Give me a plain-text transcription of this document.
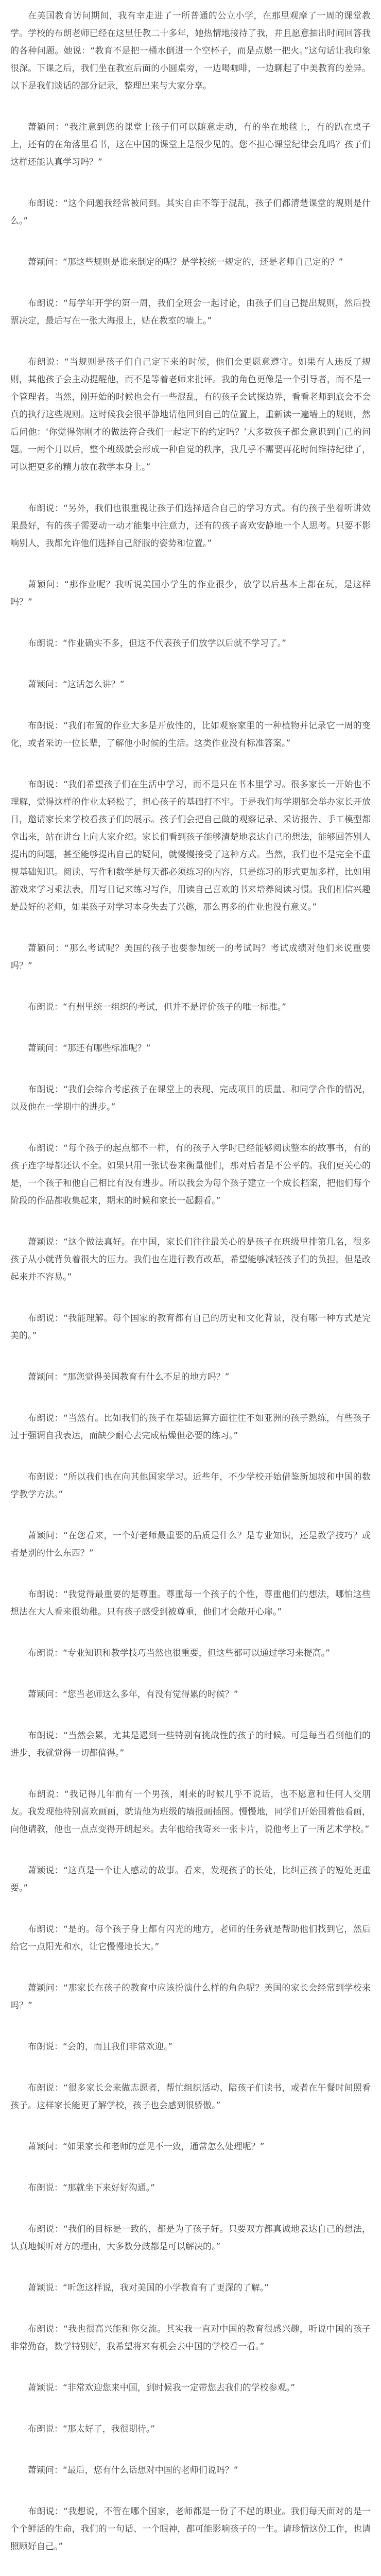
在美国教育访问期间，我有幸走进了一所普通的公立小学，在那里观摩了一周的课堂教学。学校的布朗老师已经在这里任教二十多年，她热情地接待了我，并且愿意抽出时间回答我的各种问题。她说：“教育不是把一桶水倒进一个空杯子，而是点燃一把火。”这句话让我印象很深。下课之后，我们坐在教室后面的小圆桌旁，一边喝咖啡，一边聊起了中美教育的差异。以下是我们谈话的部分记录，整理出来与大家分享。

萧颖问：“我注意到您的课堂上孩子们可以随意走动，有的坐在地毯上，有的趴在桌子上，还有的在角落里看书，这在中国的课堂上是很少见的。您不担心课堂纪律会乱吗？孩子们这样还能认真学习吗？”

布朗说：“这个问题我经常被问到。其实自由不等于混乱，孩子们都清楚课堂的规则是什么。”

萧颖问：“那这些规则是谁来制定的呢？是学校统一规定的，还是老师自己定的？”

布朗说：“每学年开学的第一周，我们全班会一起讨论，由孩子们自己提出规则，然后投票决定，最后写在一张大海报上，贴在教室的墙上。”

布朗说：“当规则是孩子们自己定下来的时候，他们会更愿意遵守。如果有人违反了规则，其他孩子会主动提醒他，而不是等着老师来批评。我的角色更像是一个引导者，而不是一个管理者。当然，刚开始的时候也会有一些混乱，有的孩子会试探边界，看看老师到底会不会真的执行这些规则。这时候我会很平静地请他回到自己的位置上，重新读一遍墙上的规则，然后问他：‘你觉得你刚才的做法符合我们一起定下的约定吗？’大多数孩子都会意识到自己的问题。一两个月以后，整个班级就会形成一种自觉的秩序，我几乎不需要再花时间维持纪律了，可以把更多的精力放在教学本身上。”

布朗说：“另外，我们也很重视让孩子们选择适合自己的学习方式。有的孩子坐着听讲效果最好，有的孩子需要动一动才能集中注意力，还有的孩子喜欢安静地一个人思考。只要不影响别人，我都允许他们选择自己舒服的姿势和位置。”

萧颖问：“那作业呢？我听说美国小学生的作业很少，放学以后基本上都在玩，是这样吗？”

布朗说：“作业确实不多，但这不代表孩子们放学以后就不学习了。”

萧颖问：“这话怎么讲？”

布朗说：“我们布置的作业大多是开放性的，比如观察家里的一种植物并记录它一周的变化，或者采访一位长辈，了解他小时候的生活。这类作业没有标准答案。”

布朗说：“我们希望孩子们在生活中学习，而不是只在书本里学习。很多家长一开始也不理解，觉得这样的作业太轻松了，担心孩子的基础打不牢。于是我们每学期都会举办家长开放日，邀请家长来学校看孩子们的展示。孩子们会把自己做的观察记录、采访报告、手工模型都拿出来，站在讲台上向大家介绍。家长们看到孩子能够清楚地表达自己的想法，能够回答别人提出的问题，甚至能够提出自己的疑问，就慢慢接受了这种方式。当然，我们也不是完全不重视基础知识。阅读、写作和数学是每天都必须练习的内容，只是练习的形式更加多样，比如用游戏来学习乘法表，用写日记来练习写作，用读自己喜欢的书来培养阅读习惯。我们相信兴趣是最好的老师，如果孩子对学习本身失去了兴趣，那么再多的作业也没有意义。”

萧颖问：“那么考试呢？美国的孩子也要参加统一的考试吗？考试成绩对他们来说重要吗？”

布朗说：“有州里统一组织的考试，但并不是评价孩子的唯一标准。”

萧颖问：“那还有哪些标准呢？”

布朗说：“我们会综合考虑孩子在课堂上的表现、完成项目的质量、和同学合作的情况，以及他在一学期中的进步。”

布朗说：“每个孩子的起点都不一样，有的孩子入学时已经能够阅读整本的故事书，有的孩子连字母都还认不全。如果只用一张试卷来衡量他们，那对后者是不公平的。我们更关心的是，一个孩子和他自己相比有没有进步。所以我会为每个孩子建立一个成长档案，把他们每个阶段的作品都收集起来，期末的时候和家长一起翻看。”

萧颖说：“这个做法真好。在中国，家长们往往最关心的是孩子在班级里排第几名，很多孩子从小就背负着很大的压力。我们也在进行教育改革，希望能够减轻孩子们的负担，但是改起来并不容易。”

布朗说：“我能理解。每个国家的教育都有自己的历史和文化背景，没有哪一种方式是完美的。”

萧颖问：“那您觉得美国教育有什么不足的地方吗？”

布朗说：“当然有。比如我们的孩子在基础运算方面往往不如亚洲的孩子熟练，有些孩子过于强调自我表达，而缺少耐心去完成枯燥但必要的练习。”

布朗说：“所以我们也在向其他国家学习。近些年，不少学校开始借鉴新加坡和中国的数学教学方法。”

萧颖问：“在您看来，一个好老师最重要的品质是什么？是专业知识，还是教学技巧？或者是别的什么东西？”

布朗说：“我觉得最重要的是尊重。尊重每一个孩子的个性，尊重他们的想法，哪怕这些想法在大人看来很幼稚。只有孩子感受到被尊重，他们才会敞开心扉。”

布朗说：“专业知识和教学技巧当然也很重要，但这些都可以通过学习来提高。”

萧颖问：“您当老师这么多年，有没有觉得累的时候？”

布朗说：“当然会累，尤其是遇到一些特别有挑战性的孩子的时候。可是每当看到他们的进步，我就觉得一切都值得。”

布朗说：“我记得几年前有一个男孩，刚来的时候几乎不说话，也不愿意和任何人交朋友。我发现他特别喜欢画画，就请他为班级的墙报画插图。慢慢地，同学们开始围着他看画，向他请教，他也一点点变得开朗起来。去年他给我寄来一张卡片，说他考上了一所艺术学校。”

萧颖说：“这真是一个让人感动的故事。看来，发现孩子的长处，比纠正孩子的短处更重要。”

布朗说：“是的。每个孩子身上都有闪光的地方，老师的任务就是帮助他们找到它，然后给它一点阳光和水，让它慢慢地长大。”

萧颖问：“那家长在孩子的教育中应该扮演什么样的角色呢？美国的家长会经常到学校来吗？”

布朗说：“会的，而且我们非常欢迎。”

布朗说：“很多家长会来做志愿者，帮忙组织活动、陪孩子们读书，或者在午餐时间照看孩子。这样家长能更了解学校，孩子也会感到很骄傲。”

萧颖问：“如果家长和老师的意见不一致，通常怎么处理呢？”

布朗说：“那就坐下来好好沟通。”

布朗说：“我们的目标是一致的，都是为了孩子好。只要双方都真诚地表达自己的想法，认真地倾听对方的理由，大多数分歧都是可以解决的。”

萧颖说：“听您这样说，我对美国的小学教育有了更深的了解。”

布朗说：“我也很高兴能和你交流。其实我一直对中国的教育很感兴趣，听说中国的孩子非常勤奋，数学特别好，我希望将来有机会去中国的学校看一看。”

萧颖说：“非常欢迎您来中国，到时候我一定带您去我们的学校参观。”

布朗说：“那太好了，我很期待。”

萧颖问：“最后，您有什么话想对中国的老师们说吗？”

布朗说：“我想说，不管在哪个国家，老师都是一份了不起的职业。我们每天面对的是一个个鲜活的生命，我们的一句话、一个眼神，都可能影响孩子的一生。请珍惜这份工作，也请照顾好自己。”
